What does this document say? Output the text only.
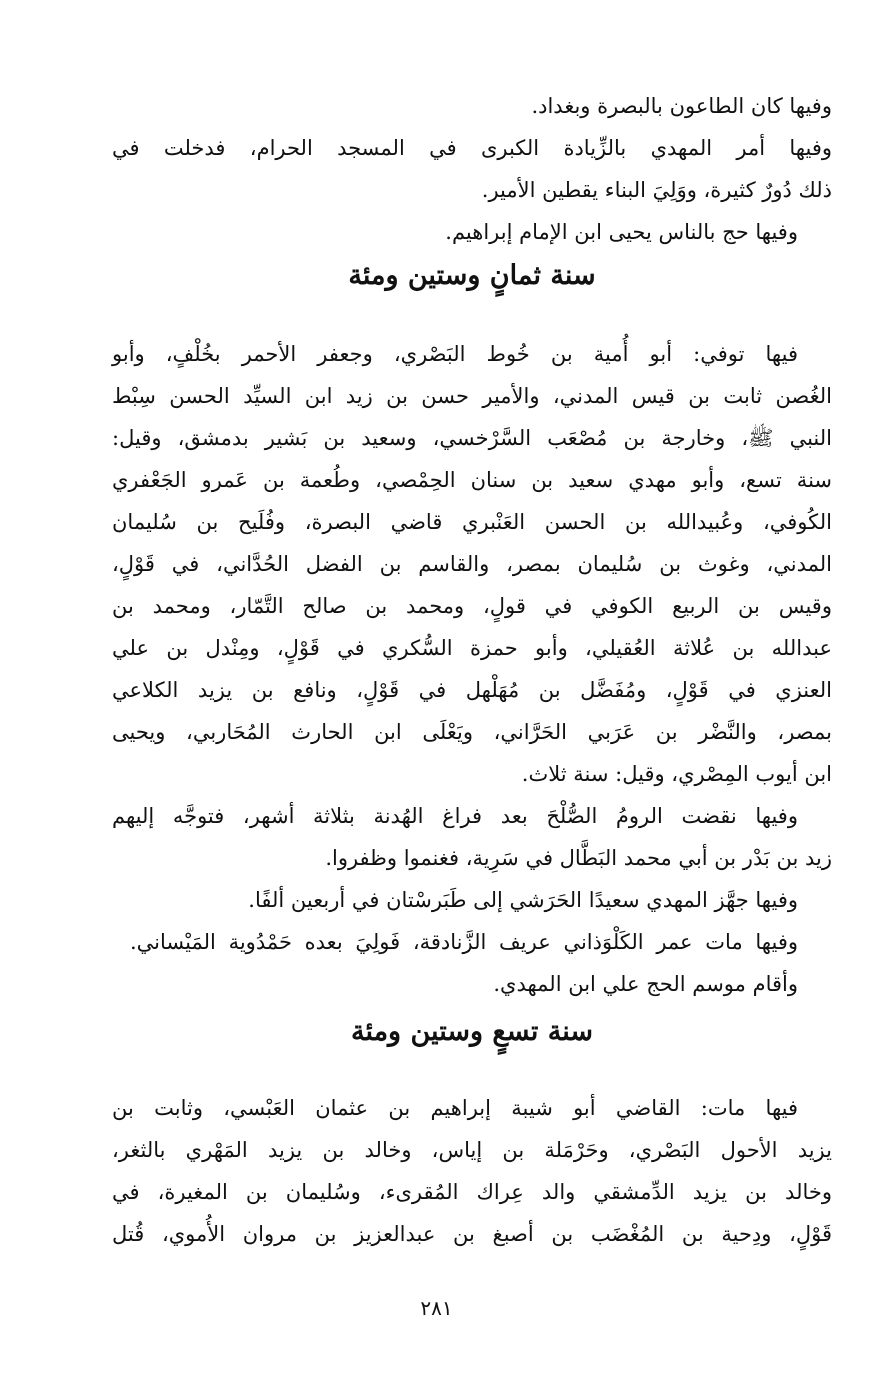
وفيها كان الطاعون بالبصرة وبغداد.
وفيها أمر المهدي بالزِّيادة الكبرى في المسجد الحرام، فدخلت في
ذلك دُورٌ كثيرة، ووَلِيَ البناء يقطين الأمير.
وفيها حج بالناس يحيى ابن الإمام إبراهيم.
سنة ثمانٍ وستين ومئة
فيها توفي: أبو أُمية بن خُوط البَصْري، وجعفر الأحمر بخُلْفٍ، وأبو
الغُصن ثابت بن قيس المدني، والأمير حسن بن زيد ابن السيِّد الحسن سِبْط
النبي ﷺ، وخارجة بن مُصْعَب السَّرْخسي، وسعيد بن بَشير بدمشق، وقيل:
سنة تسع، وأبو مهدي سعيد بن سنان الحِمْصي، وطُعمة بن عَمرو الجَعْفري
الكُوفي، وعُبيدالله بن الحسن العَنْبري قاضي البصرة، وفُلَيح بن سُليمان
المدني، وغوث بن سُليمان بمصر، والقاسم بن الفضل الحُدَّاني، في قَوْلٍ،
وقيس بن الربيع الكوفي في قولٍ، ومحمد بن صالح التَّمّار، ومحمد بن
عبدالله بن عُلاثة العُقيلي، وأبو حمزة السُّكري في قَوْلٍ، ومِنْدل بن علي
العنزي في قَوْلٍ، ومُفَضَّل بن مُهَلْهل في قَوْلٍ، ونافع بن يزيد الكلاعي
بمصر، والنَّضْر بن عَرَبي الحَرَّاني، ويَعْلَى ابن الحارث المُحَاربي، ويحيى
ابن أيوب المِصْري، وقيل: سنة ثلاث.
وفيها نقضت الرومُ الصُّلْحَ بعد فراغ الهُدنة بثلاثة أشهر، فتوجَّه إليهم
زيد بن بَدْر بن أبي محمد البَطَّال في سَرِية، فغنموا وظفروا.
وفيها جهَّز المهدي سعيدًا الحَرَشي إلى طَبَرسْتان في أربعين ألفًا.
وفيها مات عمر الكَلْوَذاني عريف الزَّنادقة، فَولِيَ بعده حَمْدُوية المَيْساني.
وأقام موسم الحج علي ابن المهدي.
سنة تسعٍ وستين ومئة
فيها مات: القاضي أبو شيبة إبراهيم بن عثمان العَبْسي، وثابت بن
يزيد الأحول البَصْري، وحَرْمَلة بن إياس، وخالد بن يزيد المَهْري بالثغر،
وخالد بن يزيد الدِّمشقي والد عِراك المُقرىء، وسُليمان بن المغيرة، في
قَوْلٍ، ودِحية بن المُغْضَب بن أصبغ بن عبدالعزيز بن مروان الأُموي، قُتل
٢٨١
